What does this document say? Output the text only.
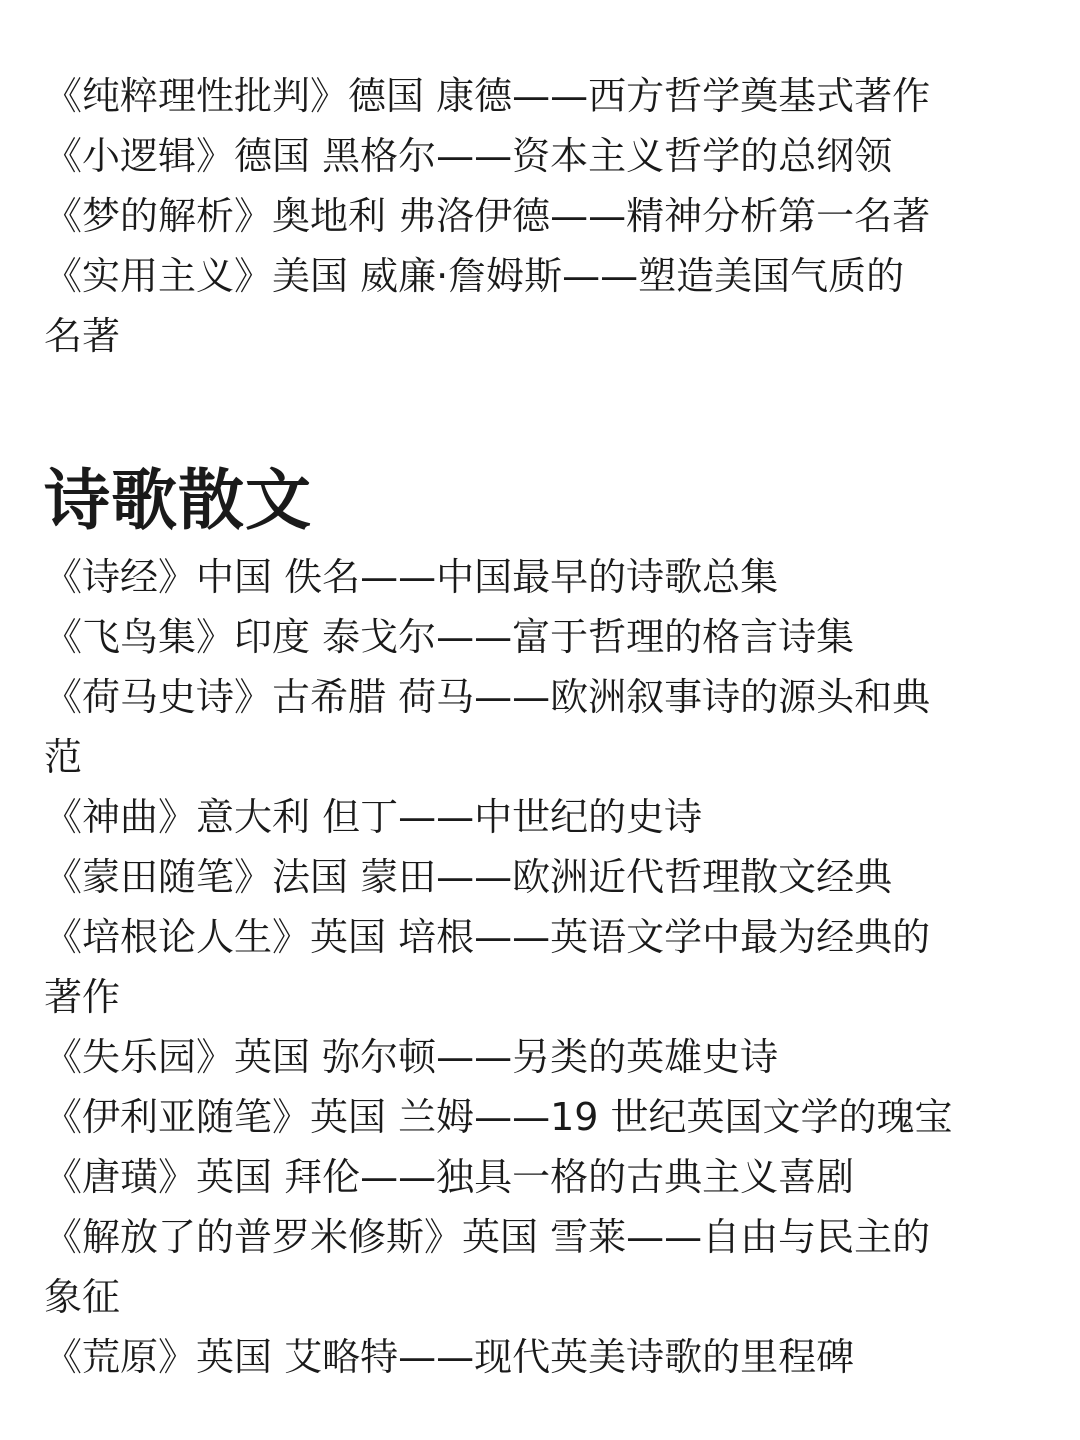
《纯粹理性批判》德国 康德——西方哲学奠基式著作
《小逻辑》德国 黑格尔——资本主义哲学的总纲领
《梦的解析》奥地利 弗洛伊德——精神分析第一名著
《实用主义》美国 威廉·詹姆斯——塑造美国气质的
名著
诗歌散文
《诗经》中国 佚名——中国最早的诗歌总集
《飞鸟集》印度 泰戈尔——富于哲理的格言诗集
《荷马史诗》古希腊 荷马——欧洲叙事诗的源头和典
范
《神曲》意大利 但丁——中世纪的史诗
《蒙田随笔》法国 蒙田——欧洲近代哲理散文经典
《培根论人生》英国 培根——英语文学中最为经典的
著作
《失乐园》英国 弥尔顿——另类的英雄史诗
《伊利亚随笔》英国 兰姆——19 世纪英国文学的瑰宝
《唐璜》英国 拜伦——独具一格的古典主义喜剧
《解放了的普罗米修斯》英国 雪莱——自由与民主的
象征
《荒原》英国 艾略特——现代英美诗歌的里程碑
